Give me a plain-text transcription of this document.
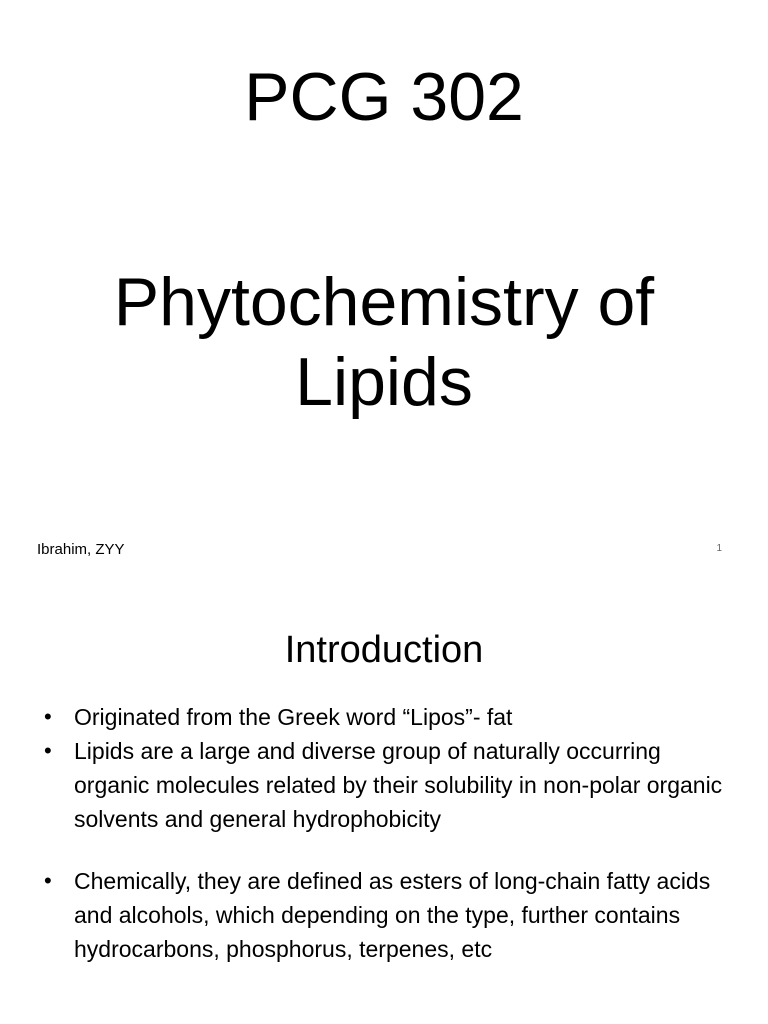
PCG 302
Phytochemistry of
Lipids
Ibrahim, ZYY	1
Introduction
• Originated from the Greek word “Lipos”- fat
• Lipids are a large and diverse group of naturally occurring organic molecules related by their solubility in non-polar organic solvents and general hydrophobicity
• Chemically, they are defined as esters of long-chain fatty acids and alcohols, which depending on the type, further contains hydrocarbons, phosphorus, terpenes, etc
